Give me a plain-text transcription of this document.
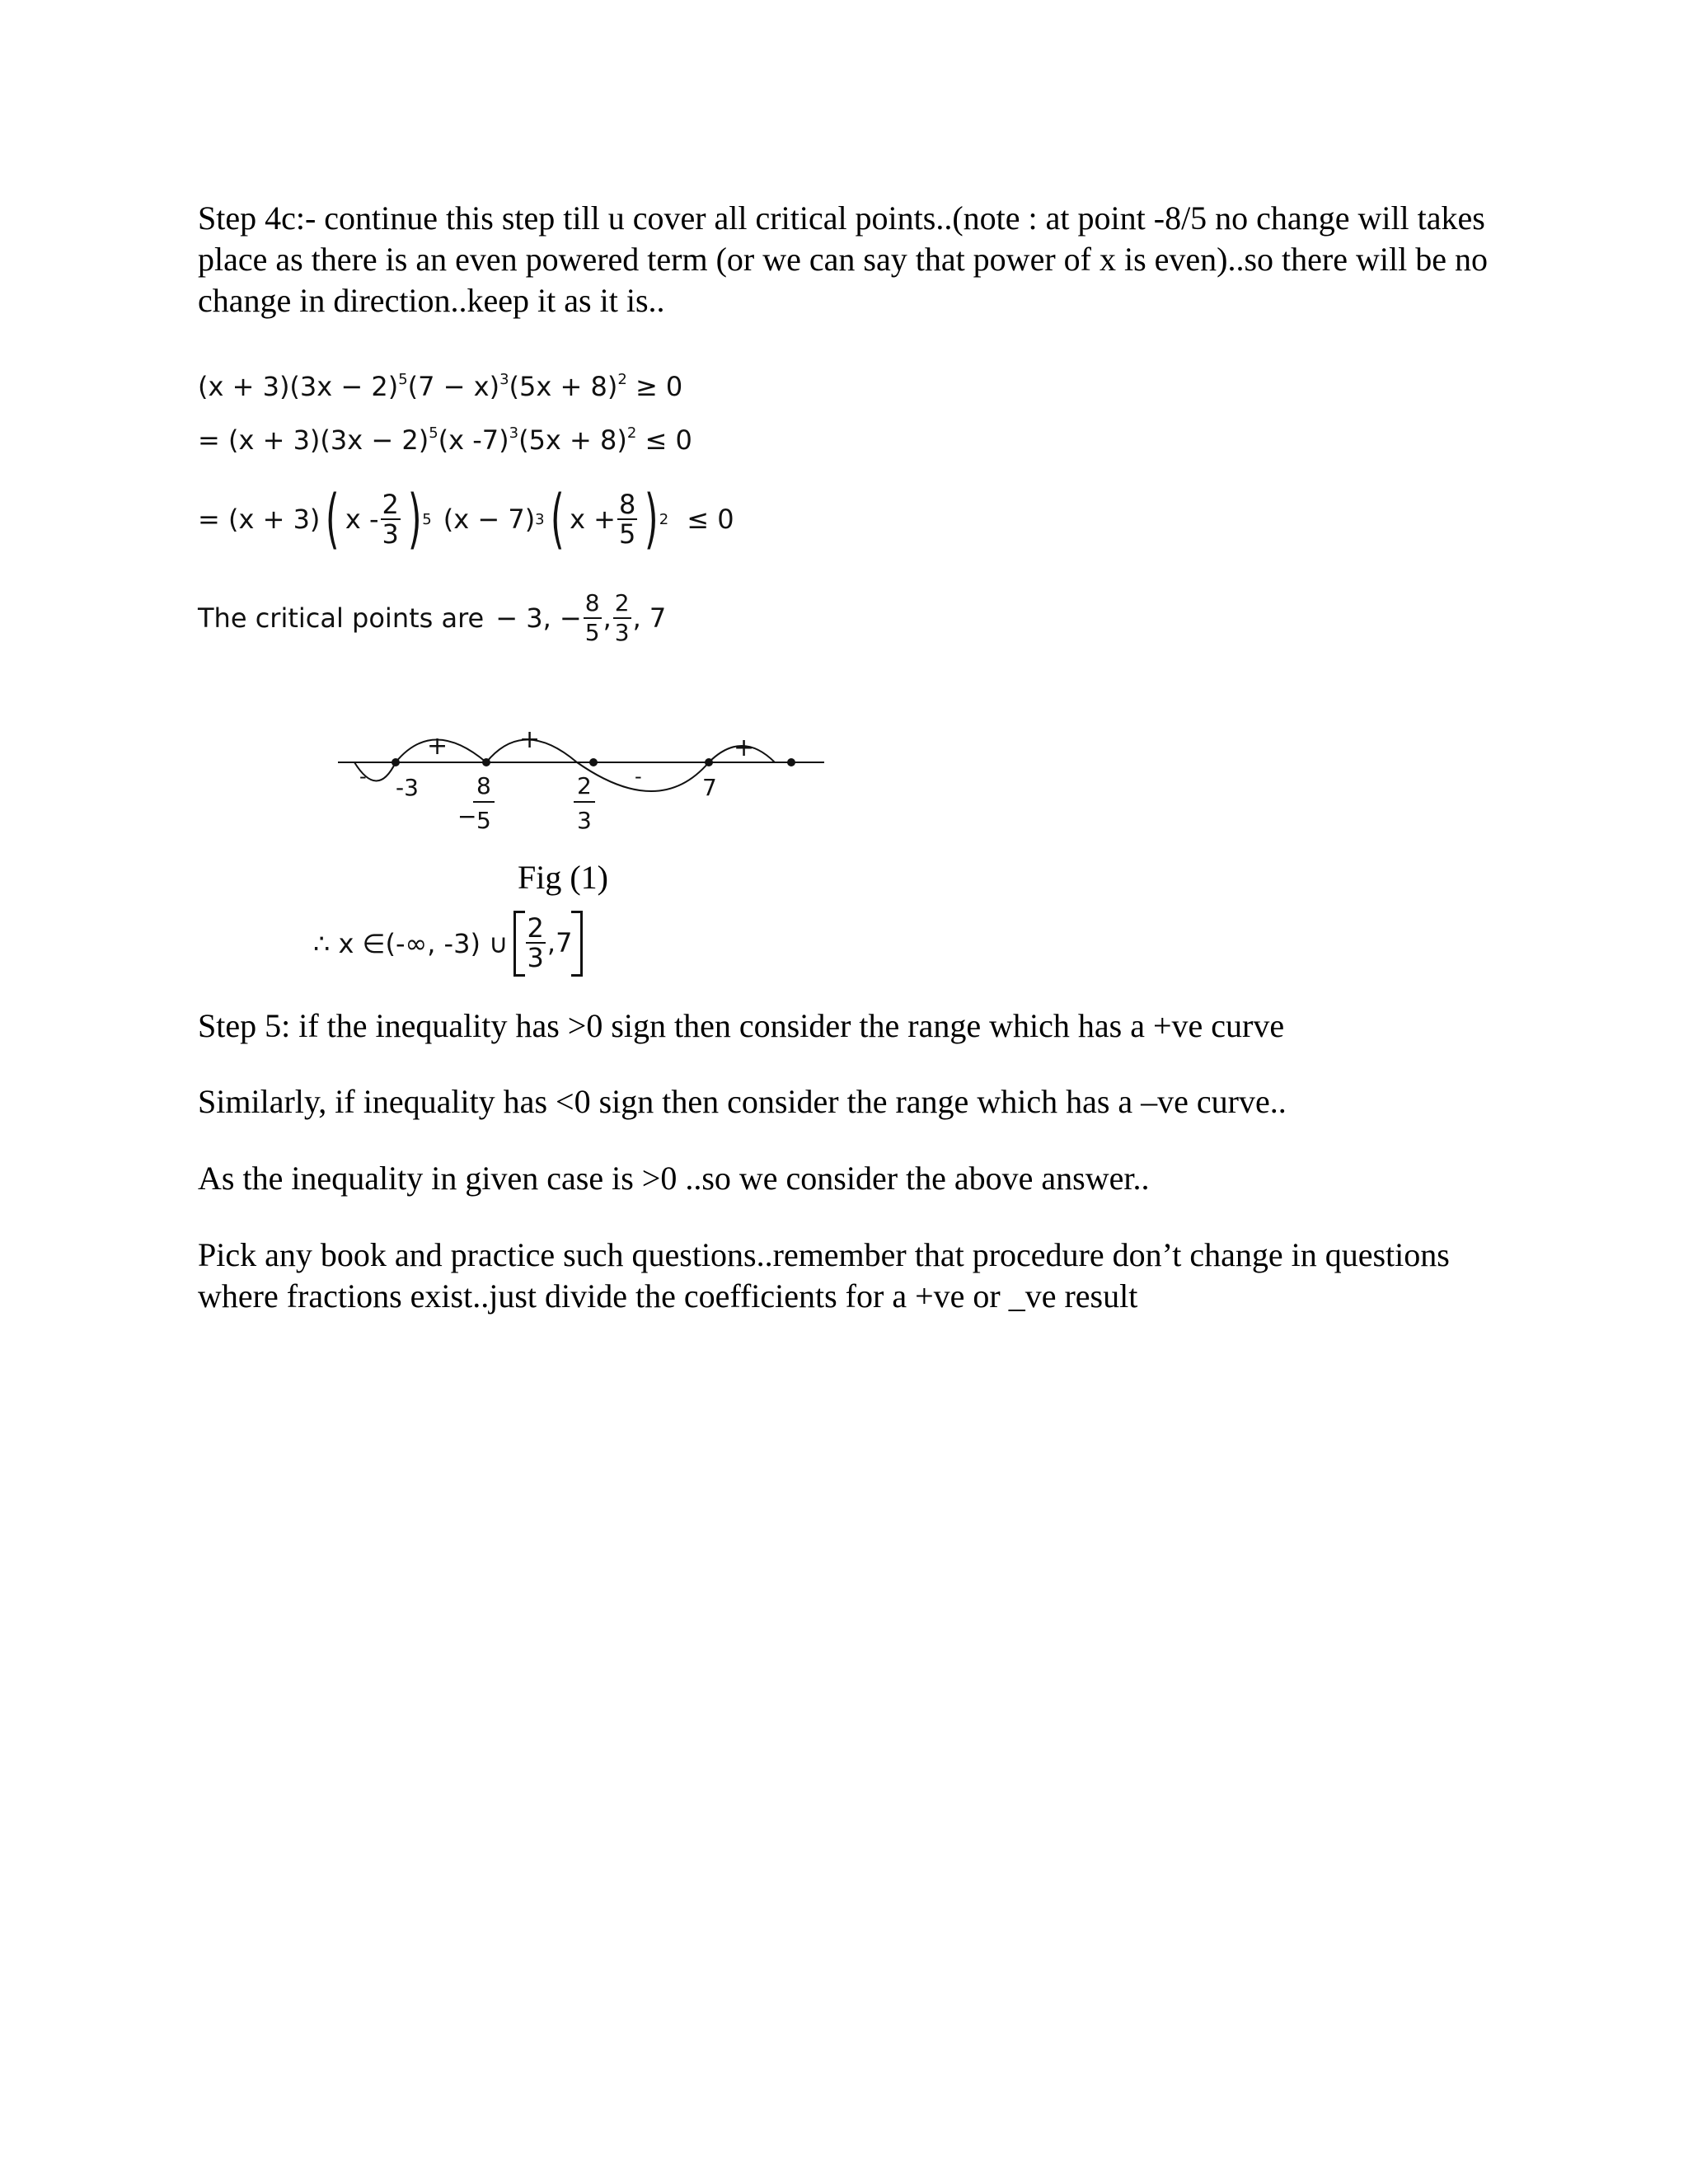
Step 4c:- continue this step till u cover all critical points..(note : at point -8/5 no change will takes place as there is an even powered term (or we can say that power of x is even)..so there will be no change in direction..keep it as it is..

$(x + 3)(3x - 2)^5(7 - x)^3(5x + 8)^2 \ge 0$
= $(x + 3)(3x - 2)^5(x$ $-7)^3(5x + 8)^2 \le 0$
= (x + 3) ( x - $\frac{2}{3}$ ) 5 (x − 7) 3 ( $x + \frac{8}{5}$ ) 2 ≤ 0
The critical points are − 3, − $\frac{8}{5}$ , $\frac{2}{3}$ , 7
-
+	+
-
+
-3
−
8
5
2
3
7
Fig (1)
∴ x ∈(-∞, -3) ∪ $\frac{2}{3} ,7$

Step 5: if the inequality has >0 sign then consider the range which has a +ve curve

Similarly, if inequality has <0 sign then consider the range which has a –ve curve..

As the inequality in given case is >0 ..so we consider the above answer..

Pick any book and practice such questions..remember that procedure don’t change in questions where fractions exist..just divide the coefficients for a +ve or _ve result
